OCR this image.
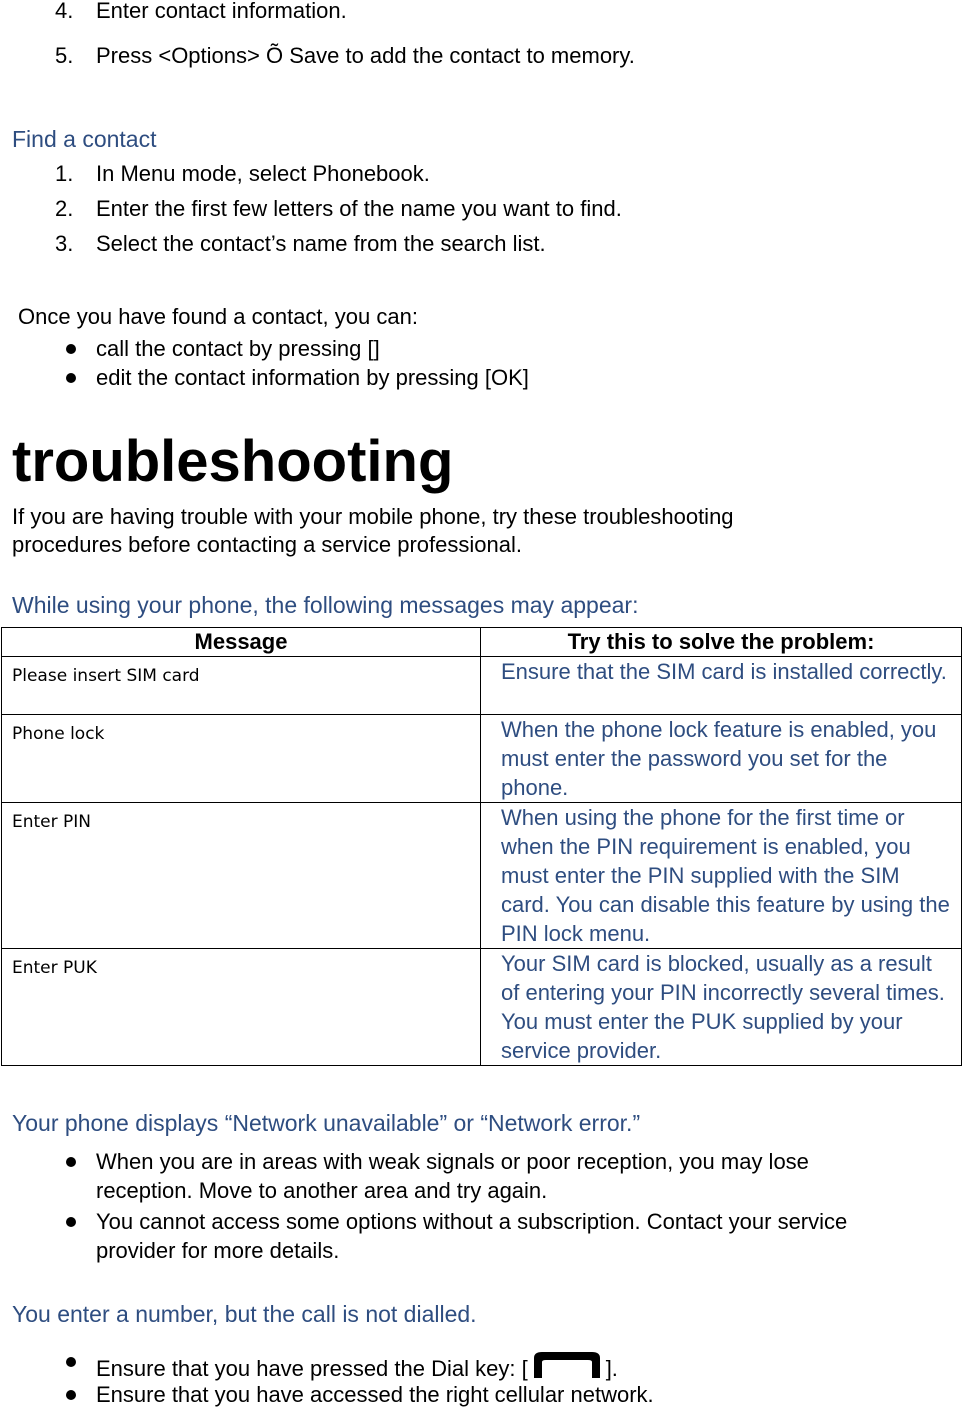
4. Enter contact information.
5. Press <Options> Õ Save to add the contact to memory.
Find a contact
1. In Menu mode, select Phonebook.
2. Enter the first few letters of the name you want to find.
3. Select the contact’s name from the search list.
Once you have found a contact, you can:
call the contact by pressing []
edit the contact information by pressing [OK]
troubleshooting
If you are having trouble with your mobile phone, try these troubleshooting
procedures before contacting a service professional.
While using your phone, the following messages may appear:
Message	Try this to solve the problem:
Please insert SIM card	Ensure that the SIM card is installed correctly.
Phone lock	When the phone lock feature is enabled, you must enter the password you set for the phone.
Enter PIN	When using the phone for the first time or when the PIN requirement is enabled, you must enter the PIN supplied with the SIM card. You can disable this feature by using the PIN lock menu.
Enter PUK	Your SIM card is blocked, usually as a result of entering your PIN incorrectly several times. You must enter the PUK supplied by your service provider.
Your phone displays “Network unavailable” or “Network error.”
When you are in areas with weak signals or poor reception, you may lose
reception. Move to another area and try again.
You cannot access some options without a subscription. Contact your service
provider for more details.
You enter a number, but the call is not dialled.
Ensure that you have pressed the Dial key: [	].
Ensure that you have accessed the right cellular network.
